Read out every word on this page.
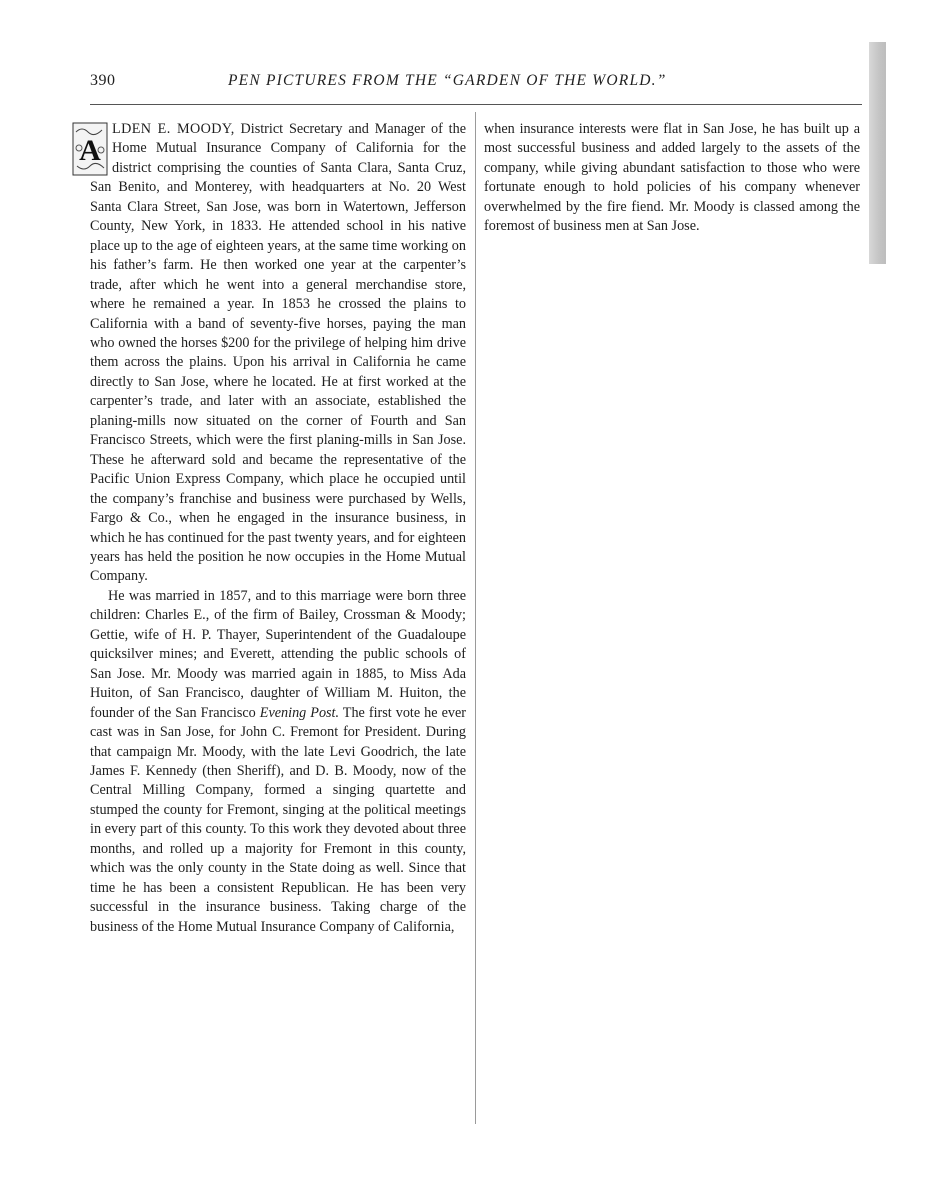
390	PEN PICTURES FROM THE “GARDEN OF THE WORLD.”

A
LDEN E. MOODY, District Secretary and Manager of the Home Mutual Insurance Company of California for the district comprising the counties of Santa Clara, Santa Cruz, San Benito, and Monterey, with headquarters at No. 20 West Santa Clara Street, San Jose, was born in Watertown, Jefferson County, New York, in 1833. He attended school in his native place up to the age of eighteen years, at the same time working on his father’s farm. He then worked one year at the carpenter’s trade, after which he went into a general merchandise store, where he remained a year. In 1853 he crossed the plains to California with a band of seventy-five horses, paying the man who owned the horses $200 for the privilege of helping him drive them across the plains. Upon his arrival in California he came directly to San Jose, where he located. He at first worked at the carpenter’s trade, and later with an associate, established the planing-mills now situated on the corner of Fourth and San Francisco Streets, which were the first planing-mills in San Jose. These he afterward sold and became the representative of the Pacific Union Express Company, which place he occupied until the company’s franchise and business were purchased by Wells, Fargo & Co., when he engaged in the insurance business, in which he has continued for the past twenty years, and for eighteen years has held the position he now occupies in the Home Mutual Company.

He was married in 1857, and to this marriage were born three children: Charles E., of the firm of Bailey, Crossman & Moody; Gettie, wife of H. P. Thayer, Superintendent of the Guadaloupe quicksilver mines; and Everett, attending the public schools of San Jose. Mr. Moody was married again in 1885, to Miss Ada Huiton, of San Francisco, daughter of William M. Huiton, the founder of the San Francisco Evening Post. The first vote he ever cast was in San Jose, for John C. Fremont for President. During that campaign Mr. Moody, with the late Levi Goodrich, the late James F. Kennedy (then Sheriff), and D. B. Moody, now of the Central Milling Company, formed a singing quartette and stumped the county for Fremont, singing at the political meetings in every part of this county. To this work they devoted about three months, and rolled up a majority for Fremont in this county, which was the only county in the State doing as well. Since that time he has been a consistent Republican. He has been very successful in the insurance business. Taking charge of the business of the Home Mutual Insurance Company of California,

when insurance interests were flat in San Jose, he has built up a most successful business and added largely to the assets of the company, while giving abundant satisfaction to those who were fortunate enough to hold policies of his company whenever overwhelmed by the fire fiend. Mr. Moody is classed among the foremost of business men at San Jose.
